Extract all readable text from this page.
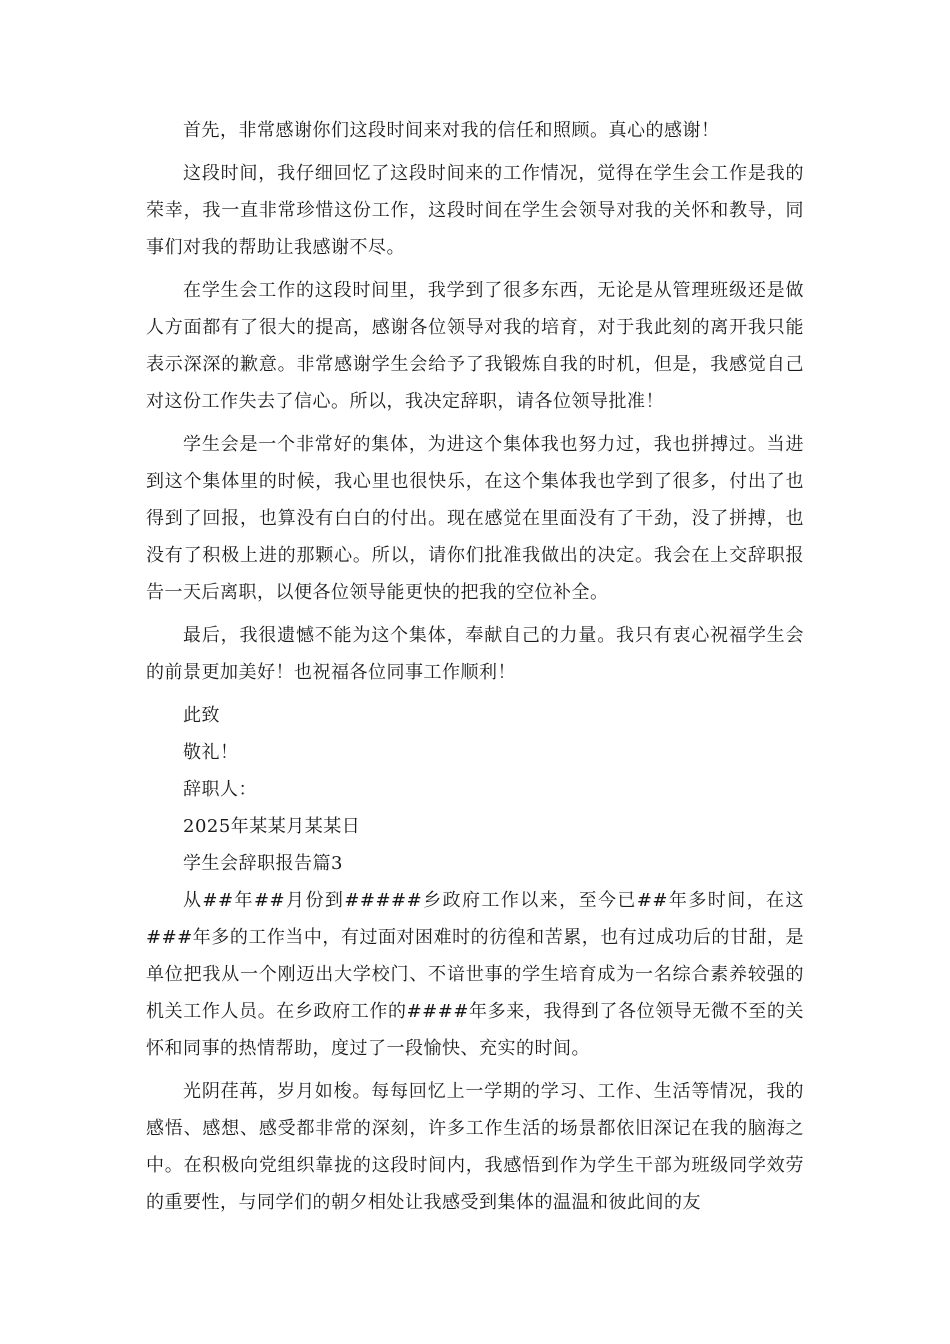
首先，非常感谢你们这段时间来对我的信任和照顾。真心的感谢！

这段时间，我仔细回忆了这段时间来的工作情况，觉得在学生会工作是我的荣幸，我一直非常珍惜这份工作，这段时间在学生会领导对我的关怀和教导，同事们对我的帮助让我感谢不尽。

在学生会工作的这段时间里，我学到了很多东西，无论是从管理班级还是做人方面都有了很大的提高，感谢各位领导对我的培育，对于我此刻的离开我只能表示深深的歉意。非常感谢学生会给予了我锻炼自我的时机，但是，我感觉自己对这份工作失去了信心。所以，我决定辞职，请各位领导批准！

学生会是一个非常好的集体，为进这个集体我也努力过，我也拼搏过。当进到这个集体里的时候，我心里也很快乐，在这个集体我也学到了很多，付出了也得到了回报，也算没有白白的付出。现在感觉在里面没有了干劲，没了拼搏，也没有了积极上进的那颗心。所以，请你们批准我做出的决定。我会在上交辞职报告一天后离职，以便各位领导能更快的把我的空位补全。

最后，我很遗憾不能为这个集体，奉献自己的力量。我只有衷心祝福学生会的前景更加美好！也祝福各位同事工作顺利！

此致
敬礼！
辞职人：
2025年某某月某某日
学生会辞职报告篇3

从##年##月份到#####乡政府工作以来，至今已##年多时间，在这###年多的工作当中，有过面对困难时的彷徨和苦累，也有过成功后的甘甜，是单位把我从一个刚迈出大学校门、不谙世事的学生培育成为一名综合素养较强的机关工作人员。在乡政府工作的####年多来，我得到了各位领导无微不至的关怀和同事的热情帮助，度过了一段愉快、充实的时间。

光阴荏苒，岁月如梭。每每回忆上一学期的学习、工作、生活等情况，我的感悟、感想、感受都非常的深刻，许多工作生活的场景都依旧深记在我的脑海之中。在积极向党组织靠拢的这段时间内，我感悟到作为学生干部为班级同学效劳的重要性，与同学们的朝夕相处让我感受到集体的温温和彼此间的友
